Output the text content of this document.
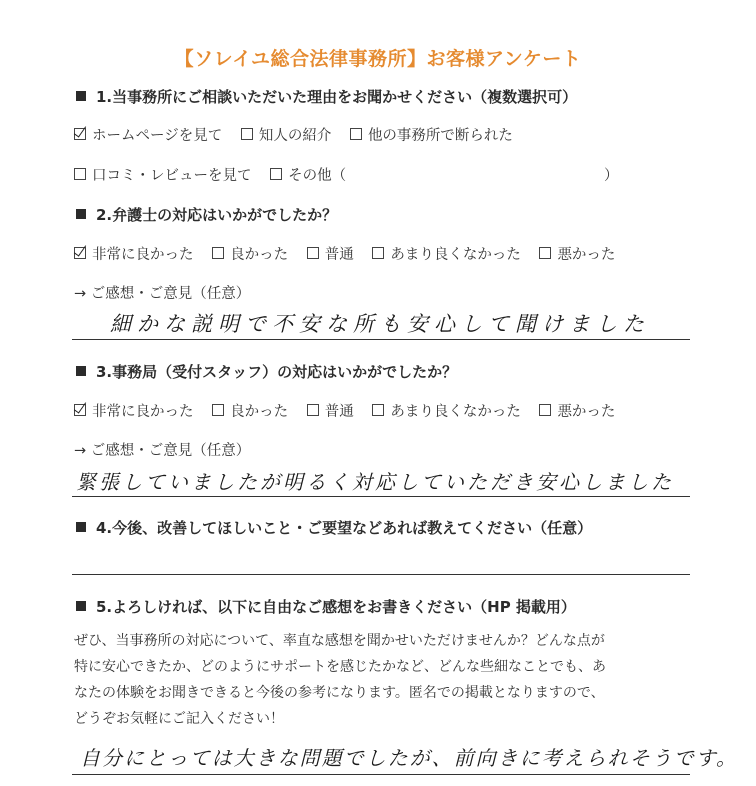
【ソレイユ総合法律事務所】お客様アンケート
1.当事務所にご相談いただいた理由をお聞かせください（複数選択可）
ホームページを見て	知人の紹介	他の事務所で断られた
口コミ・レビューを見て	その他（	）
2.弁護士の対応はいかがでしたか？
非常に良かった	良かった	普通	あまり良くなかった	悪かった
→ ご感想・ご意見（任意）
細かな説明で不安な所も安心して聞けました
3.事務局（受付スタッフ）の対応はいかがでしたか？
非常に良かった	良かった	普通	あまり良くなかった	悪かった
→ ご感想・ご意見（任意）
緊張していましたが明るく対応していただき安心しました
4.今後、改善してほしいこと・ご要望などあれば教えてください（任意）
5.よろしければ、以下に自由なご感想をお書きください（HP 掲載用）

ぜひ、当事務所の対応について、率直な感想を聞かせいただけませんか？どんな点が

特に安心できたか、どのようにサポートを感じたかなど、どんな些細なことでも、あ

なたの体験をお聞きできると今後の参考になります。匿名での掲載となりますので、

どうぞお気軽にご記入ください！

自分にとっては大きな問題でしたが、前向きに考えられそうです。
